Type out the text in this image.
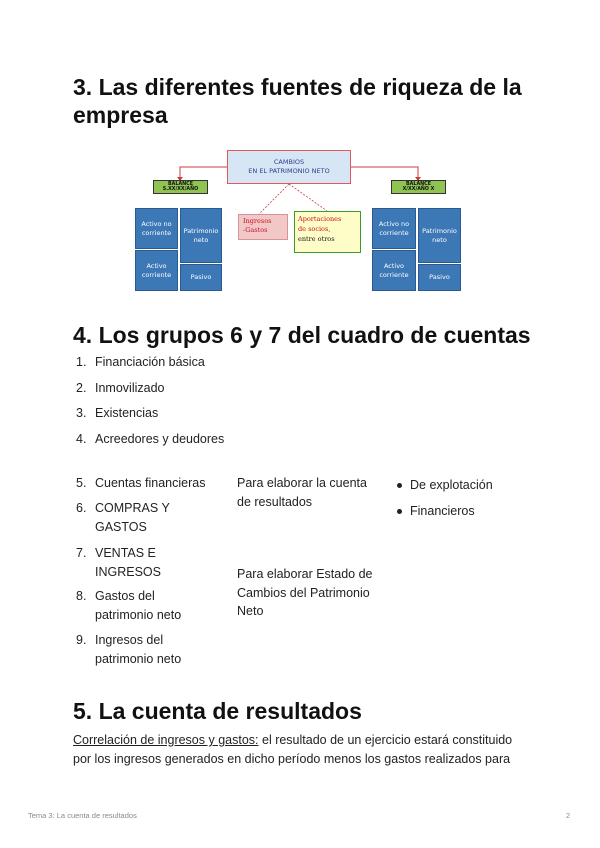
3. Las diferentes fuentes de riqueza de la empresa
CAMBIOS
EN EL PATRIMONIO NETO
BALANCE
S.XX/XX/AÑO
BALANCE
X/XX/AÑO X
Activo no
corriente
Activo
corriente
Patrimonio
neto
Pasivo
Ingresos
-Gastos
Aportaciones
de socios,
entre otros
Activo no
corriente
Activo
corriente
Patrimonio
neto
Pasivo
4. Los grupos 6 y 7 del cuadro de cuentas
1. Financiación básica
2. Inmovilizado
3. Existencias
4. Acreedores y deudores
5. Cuentas financieras
6. COMPRAS Y GASTOS
7. VENTAS E INGRESOS
8. Gastos del patrimonio neto
9. Ingresos del patrimonio neto
Para elaborar la cuenta de resultados
Para elaborar Estado de Cambios del Patrimonio Neto
De explotación
Financieros
5. La cuenta de resultados

Correlación de ingresos y gastos: el resultado de un ejercicio estará constituido por los ingresos generados en dicho período menos los gastos realizados para

Tema 3: La cuenta de resultados	2
